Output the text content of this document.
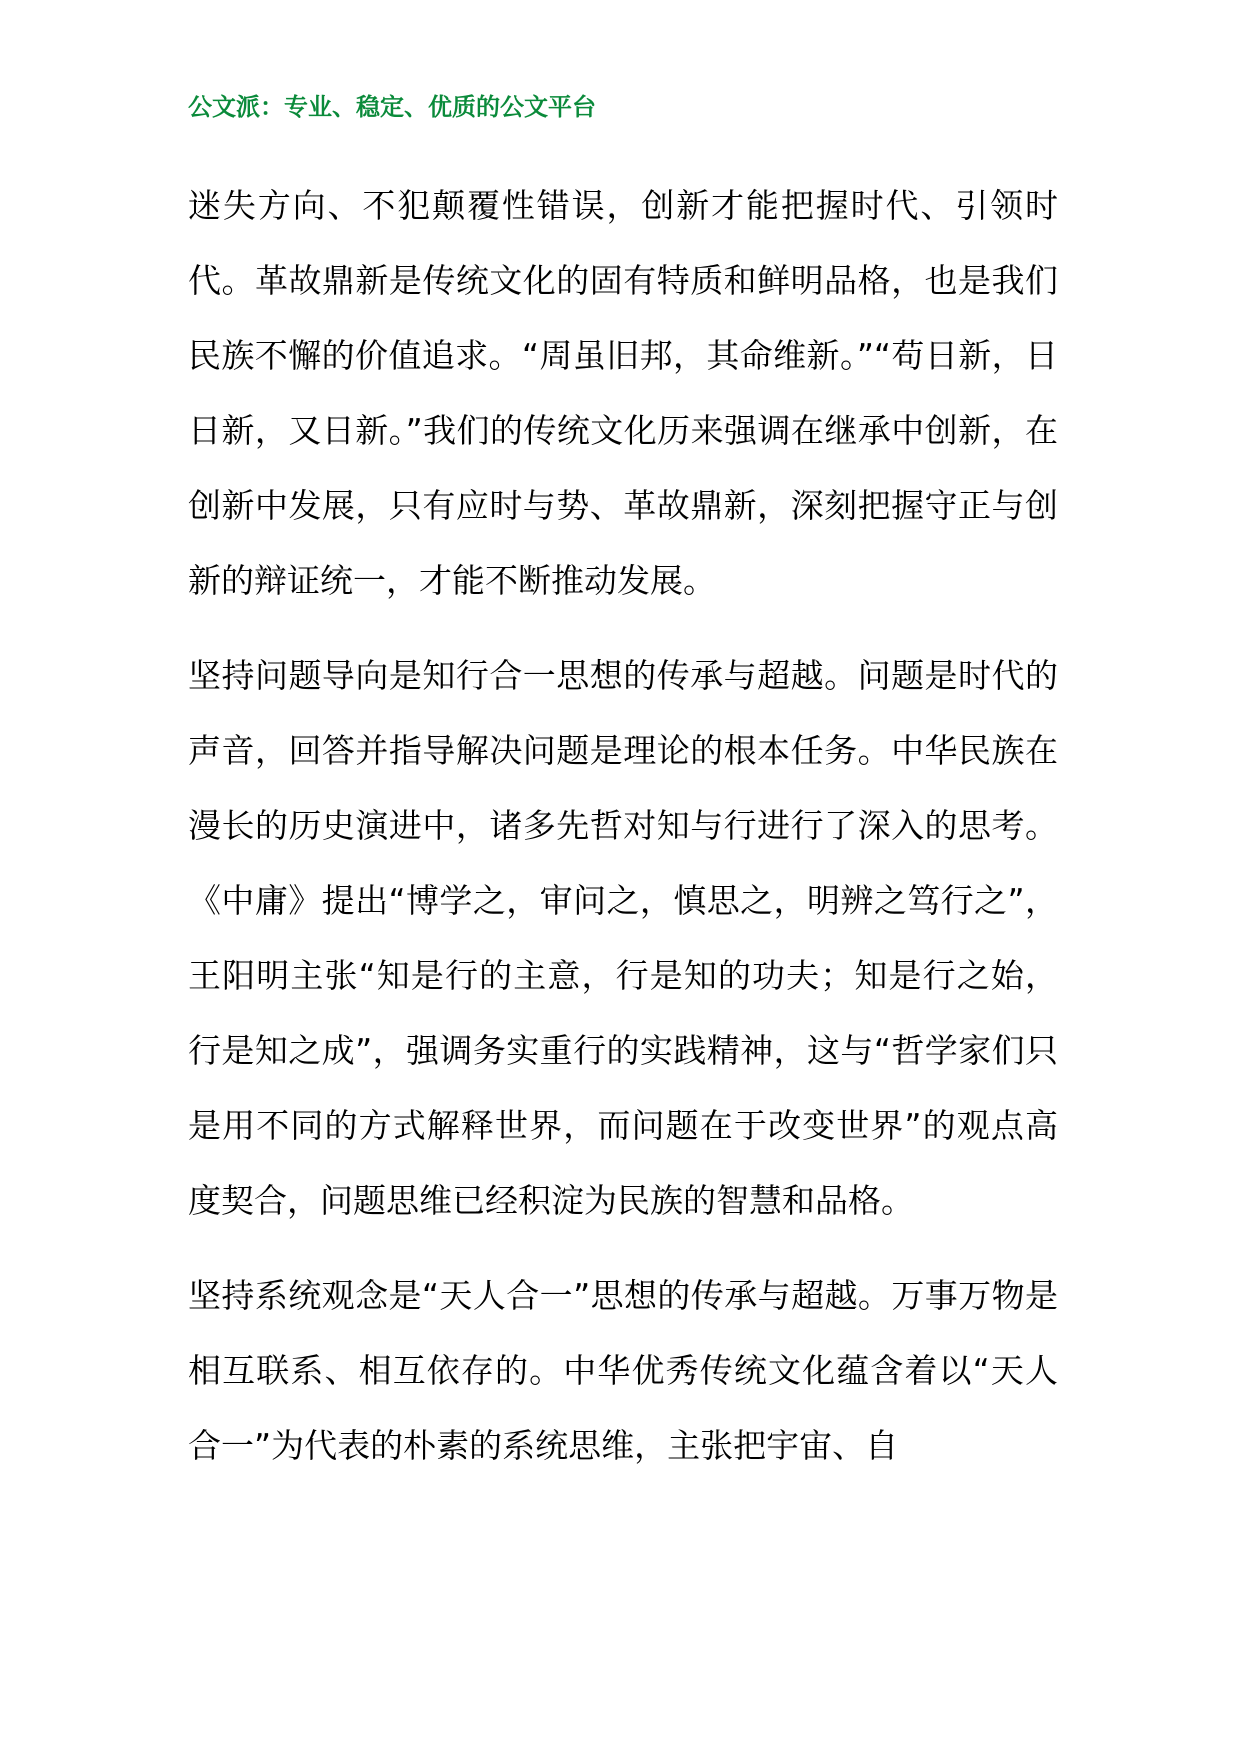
公文派：专业、稳定、优质的公文平台

迷失方向、不犯颠覆性错误，创新才能把握时代、引领时代。革故鼎新是传统文化的固有特质和鲜明品格，也是我们民族不懈的价值追求。“周虽旧邦，其命维新。”“苟日新，日日新，又日新。”我们的传统文化历来强调在继承中创新，在创新中发展，只有应时与势、革故鼎新，深刻把握守正与创新的辩证统一，才能不断推动发展。

坚持问题导向是知行合一思想的传承与超越。问题是时代的声音，回答并指导解决问题是理论的根本任务。中华民族在漫长的历史演进中，诸多先哲对知与行进行了深入的思考。《中庸》提出“博学之，审问之，慎思之，明辨之笃行之”，王阳明主张“知是行的主意，行是知的功夫；知是行之始，行是知之成”，强调务实重行的实践精神，这与“哲学家们只是用不同的方式解释世界，而问题在于改变世界”的观点高度契合，问题思维已经积淀为民族的智慧和品格。

坚持系统观念是“天人合一”思想的传承与超越。万事万物是相互联系、相互依存的。中华优秀传统文化蕴含着以“天人合一”为代表的朴素的系统思维，主张把宇宙、自
